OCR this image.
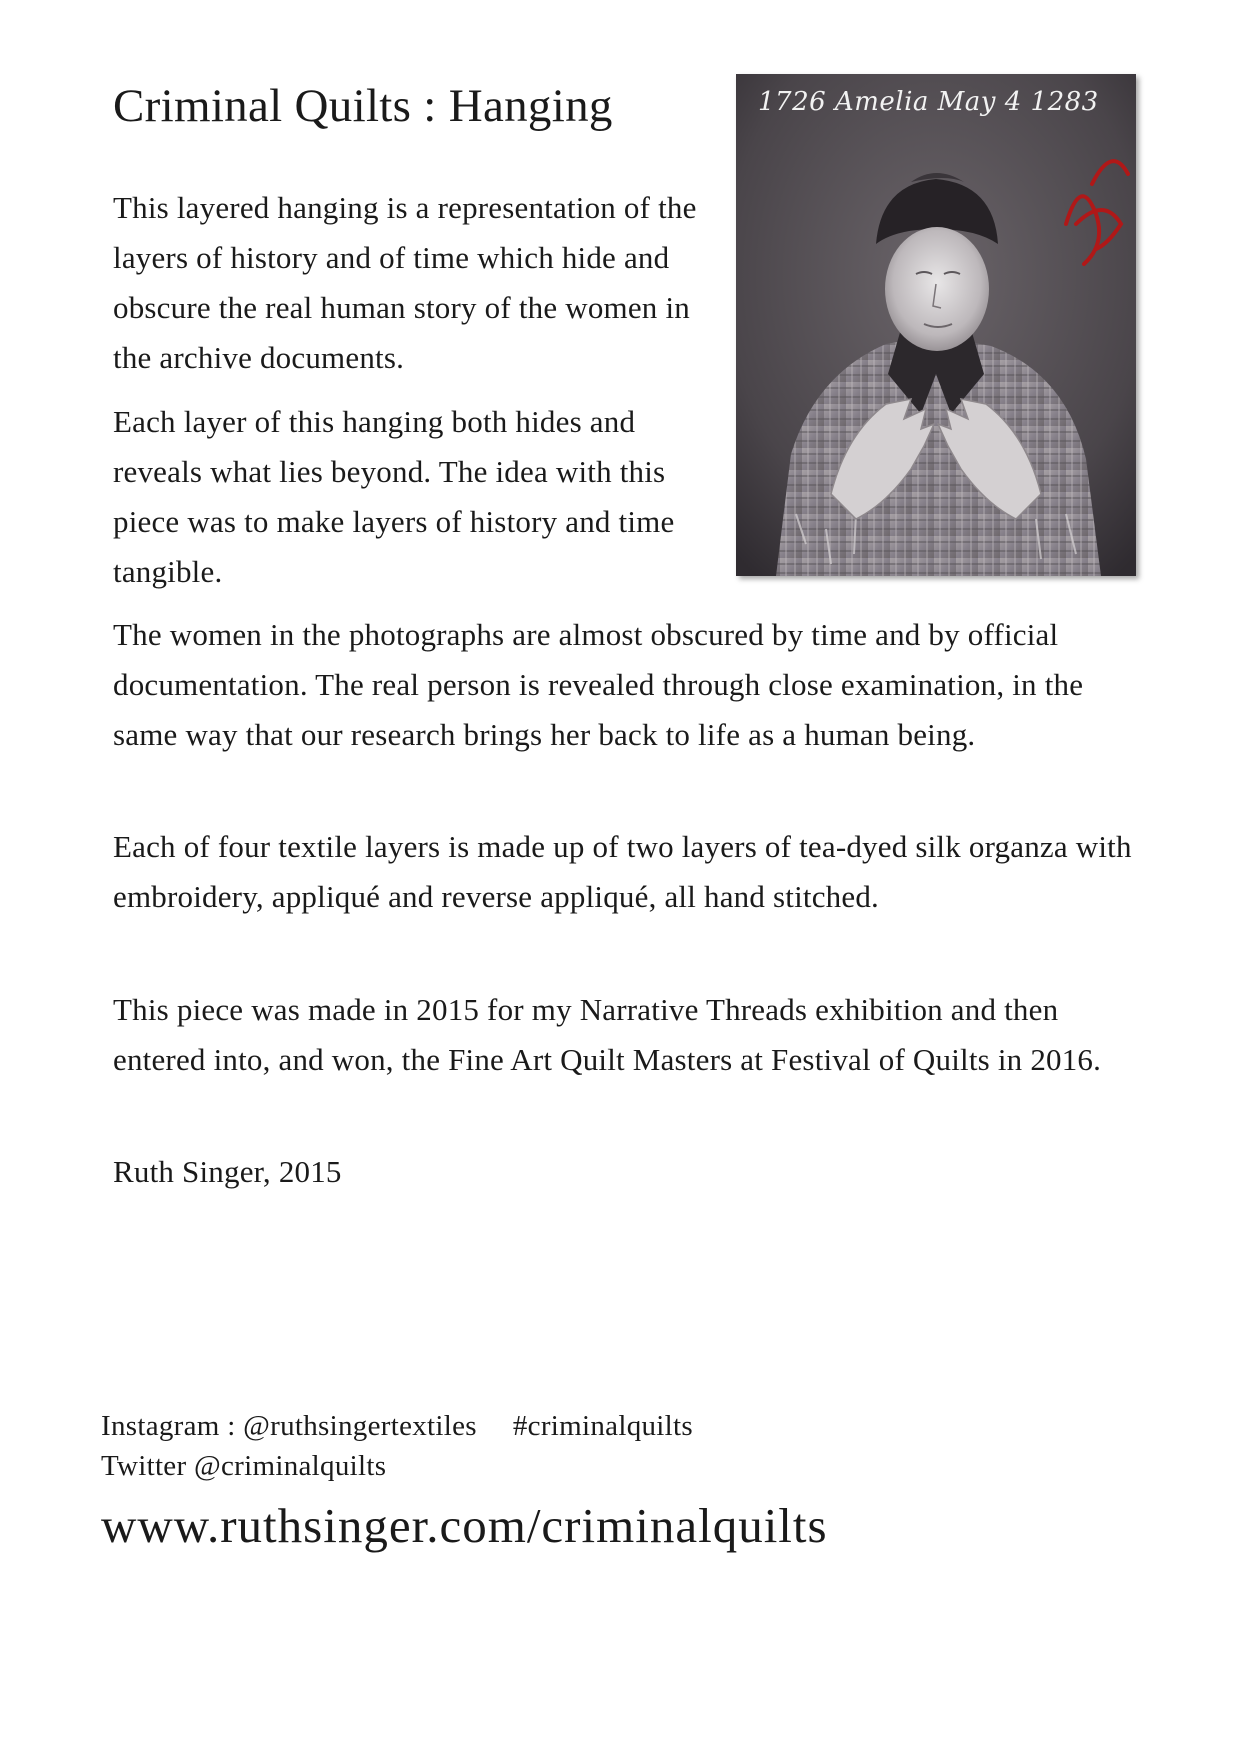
Criminal Quilts : Hanging

This layered hanging is a representation of the layers of history and of time which hide and obscure the real human story of the women in the archive documents.

Each layer of this hanging both hides and reveals what lies beyond. The idea with this piece was to make layers of history and time tangible.

The women in the photographs are almost obscured by time and by official documentation. The real person is revealed through close examination, in the same way that our research brings her back to life as a human being.

Each of four textile layers is made up of two layers of tea-dyed silk organza with embroidery, appliqué and reverse appliqué, all hand stitched.

This piece was made in 2015 for my Narrative Threads exhibition and then entered into, and won, the Fine Art Quilt Masters at Festival of Quilts in 2016.

Ruth Singer, 2015

1726 Amelia May 4 1283
Instagram : @ruthsingertextiles #criminalquilts
Twitter @criminalquilts
www.ruthsinger.com/criminalquilts
